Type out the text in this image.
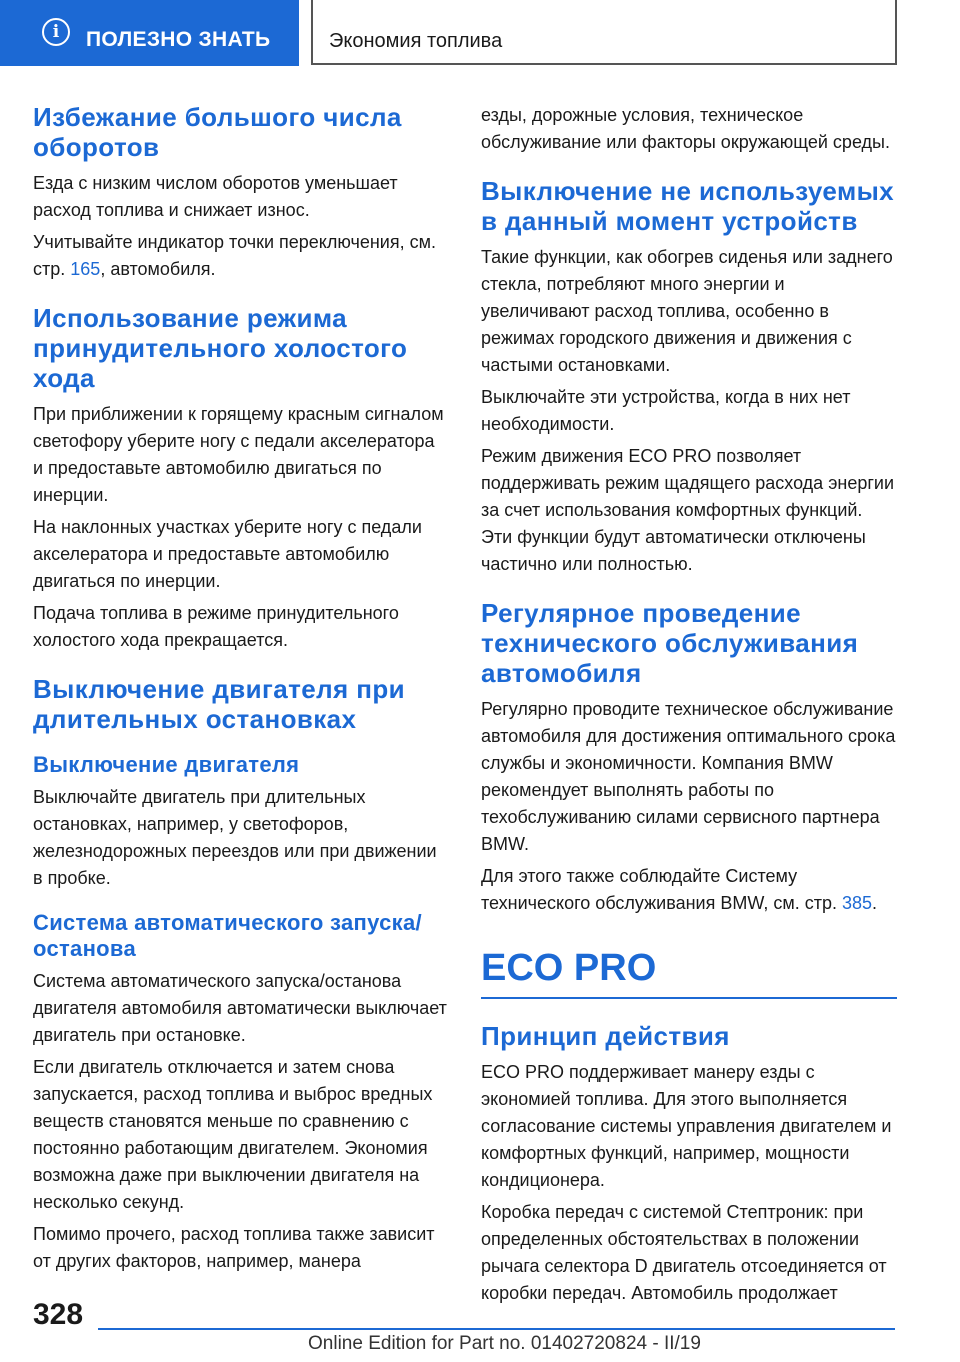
i	ПОЛЕЗНО ЗНАТЬ	Экономия топлива
Избежание большого числа оборотов

Езда с низким числом оборотов уменьшает расход топлива и снижает износ.

Учитывайте индикатор точки переключения, см. стр. 165, автомобиля.

Использование режима принудительного холостого хода

При приближении к горящему красным сигналом светофору уберите ногу с педали акселератора и предоставьте автомобилю двигаться по инерции.

На наклонных участках уберите ногу с педали акселератора и предоставьте автомобилю двигаться по инерции.

Подача топлива в режиме принудительного холостого хода прекращается.

Выключение двигателя при длительных остановках
Выключение двигателя

Выключайте двигатель при длительных остановках, например, у светофоров, железнодорожных переездов или при движении в пробке.

Система автоматического запуска/останова

Система автоматического запуска/останова двигателя автомобиля автоматически выключает двигатель при остановке.

Если двигатель отключается и затем снова запускается, расход топлива и выброс вредных веществ становятся меньше по сравнению с постоянно работающим двигателем. Экономия возможна даже при выключении двигателя на несколько секунд.

Помимо прочего, расход топлива также зависит от других факторов, например, манера

езды, дорожные условия, техническое обслуживание или факторы окружающей среды.

Выключение не используемых в данный момент устройств

Такие функции, как обогрев сиденья или заднего стекла, потребляют много энергии и увеличивают расход топлива, особенно в режимах городского движения и движения с частыми остановками.

Выключайте эти устройства, когда в них нет необходимости.

Режим движения ECO PRO позволяет поддерживать режим щадящего расхода энергии за счет использования комфортных функций. Эти функции будут автоматически отключены частично или полностью.

Регулярное проведение технического обслуживания автомобиля

Регулярно проводите техническое обслуживание автомобиля для достижения оптимального срока службы и экономичности. Компания BMW рекомендует выполнять работы по техобслуживанию силами сервисного партнера BMW.

Для этого также соблюдайте Систему технического обслуживания BMW, см. стр. 385.

ECO PRO
Принцип действия

ECO PRO поддерживает манеру езды с экономией топлива. Для этого выполняется согласование системы управления двигателем и комфортных функций, например, мощности кондиционера.

Коробка передач с системой Стептроник: при определенных обстоятельствах в положении рычага селектора D двигатель отсоединяется от коробки передач. Автомобиль продолжает

328
Online Edition for Part no. 01402720824 - II/19
